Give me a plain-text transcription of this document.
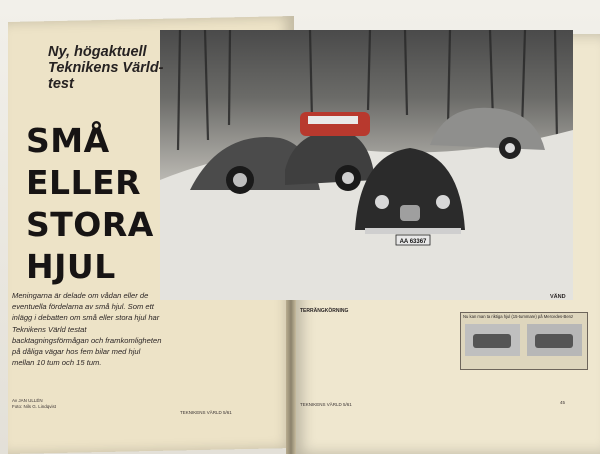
AA 63367
Ny, högaktuell Teknikens Värld-test
SMÅ
ELLER
STORA HJUL
Meningarna är delade om vådan eller de eventuella fördelarna av små hjul. Som ett inlägg i debatten om små eller stora hjul har Teknikens Värld testat backtagningsförmågan och framkomligheten på dåliga vägar hos fem bilar med hjul mellan 10 tum och 15 tum.
Av JAN ULLÉN
Foto: Nils G. Lindqvist
TEKNIKENS VÄRLD 5/61
VÄND
TERRÄNGKÖRNING
Nu kan man ta riktiga hjul (15-tummare) på Mercedes-Benz
TEKNIKENS VÄRLD 5/61	45
